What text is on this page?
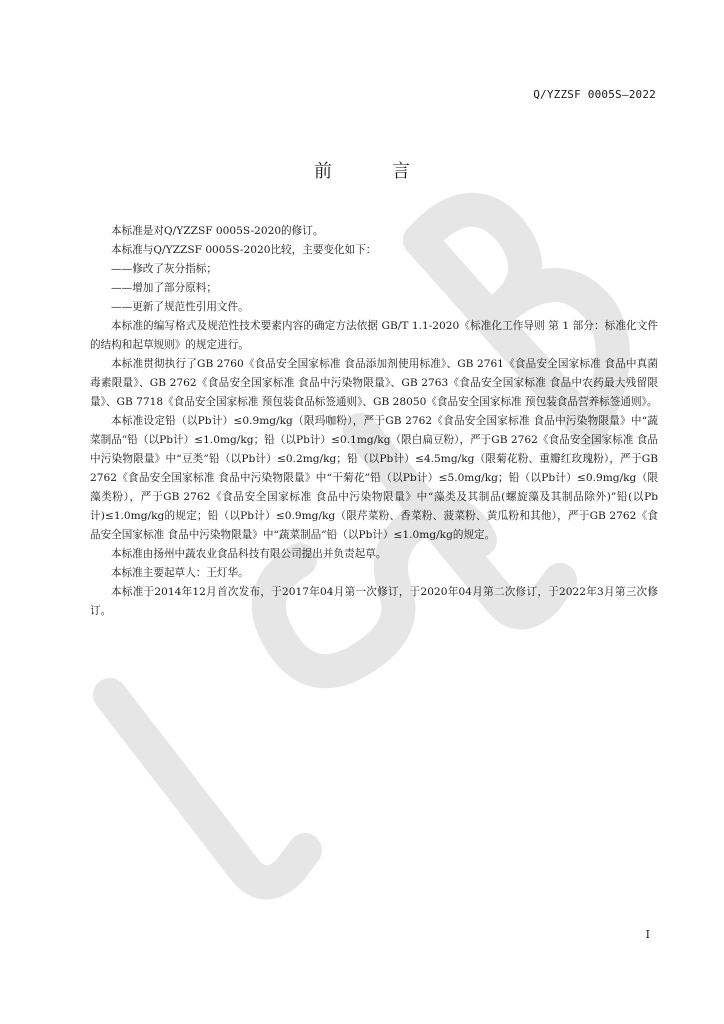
Q/YZZSF 0005S—2022
前	言

本标准是对Q/YZZSF 0005S-2020的修订。

本标准与Q/YZZSF 0005S-2020比较，主要变化如下：

——修改了灰分指标；

——增加了部分原料；

——更新了规范性引用文件。

本标准的编写格式及规范性技术要素内容的确定方法依据 GB/T 1.1-2020《标准化工作导则 第 1 部分：标准化文件的结构和起草规则》的规定进行。

本标准贯彻执行了GB 2760《食品安全国家标准 食品添加剂使用标准》、GB 2761《食品安全国家标准 食品中真菌毒素限量》、GB 2762《食品安全国家标准 食品中污染物限量》、GB 2763《食品安全国家标准 食品中农药最大残留限量》、GB 7718《食品安全国家标准 预包装食品标签通则》、GB 28050《食品安全国家标准 预包装食品营养标签通则》。

本标准设定铅（以Pb计）≤0.9mg/kg（限玛咖粉），严于GB 2762《食品安全国家标准 食品中污染物限量》中“蔬菜制品”铅（以Pb计）≤1.0mg/kg；铅（以Pb计）≤0.1mg/kg（限白扁豆粉），严于GB 2762《食品安全国家标准 食品中污染物限量》中“豆类”铅（以Pb计）≤0.2mg/kg；铅（以Pb计）≤4.5mg/kg（限菊花粉、重瓣红玫瑰粉），严于GB 2762《食品安全国家标准 食品中污染物限量》中“干菊花”铅（以Pb计）≤5.0mg/kg；铅（以Pb计）≤0.9mg/kg（限藻类粉），严于GB 2762《食品安全国家标准 食品中污染物限量》中“藻类及其制品(螺旋藻及其制品除外)”铅(以Pb计)≤1.0mg/kg的规定；铅（以Pb计）≤0.9mg/kg（限芹菜粉、香菜粉、菠菜粉、黄瓜粉和其他），严于GB 2762《食品安全国家标准 食品中污染物限量》中“蔬菜制品”铅（以Pb计）≤1.0mg/kg的规定。

本标准由扬州中蔬农业食品科技有限公司提出并负责起草。

本标准主要起草人：王灯华。

本标准于2014年12月首次发布，于2017年04月第一次修订，于2020年04月第二次修订，于2022年3月第三次修订。

I
